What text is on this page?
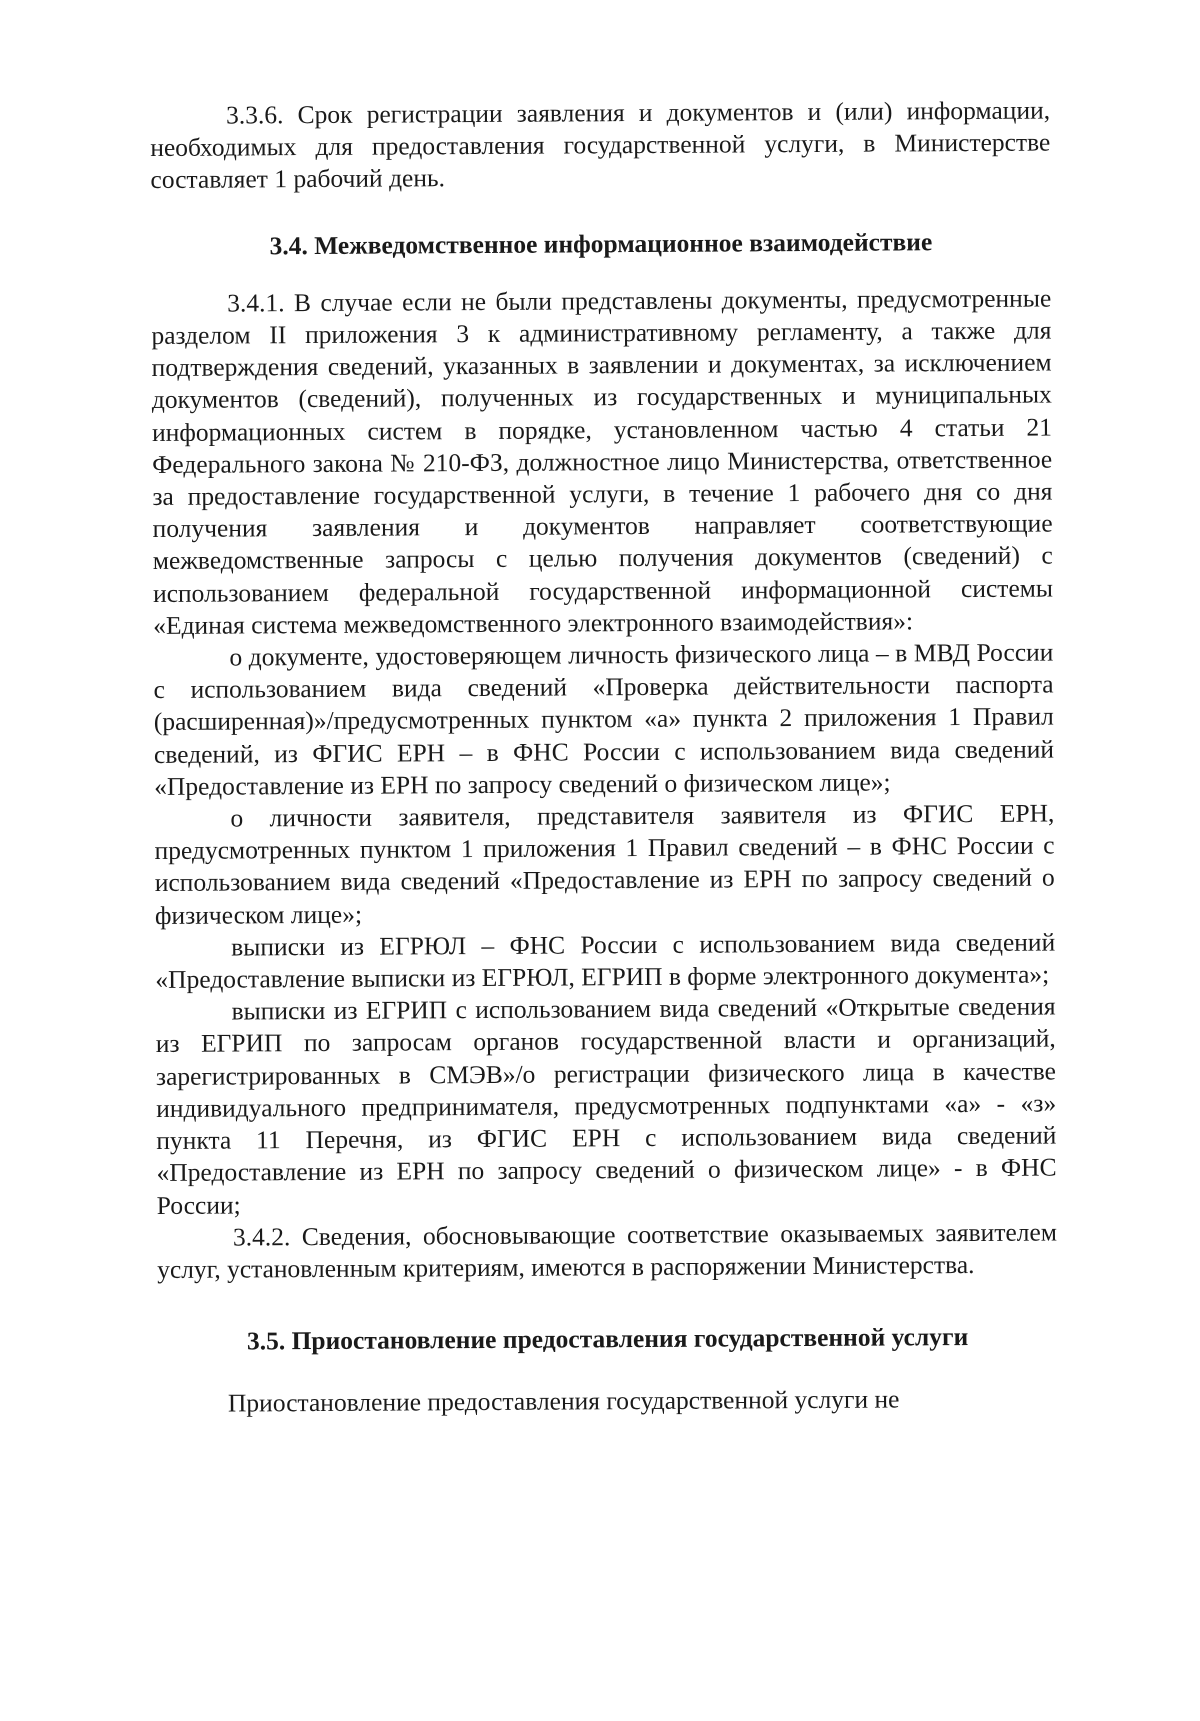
3.3.6. Срок регистрации заявления и документов и (или) информации, необходимых для предоставления государственной услуги, в Министерстве составляет 1 рабочий день.

3.4. Межведомственное информационное взаимодействие

3.4.1. В случае если не были представлены документы, предусмотренные разделом II приложения 3 к административному регламенту, а также для подтверждения сведений, указанных в заявлении и документах, за исключением документов (сведений), полученных из государственных и муниципальных информационных систем в порядке, установленном частью 4 статьи 21 Федерального закона № 210-ФЗ, должностное лицо Министерства, ответственное за предоставление государственной услуги, в течение 1 рабочего дня со дня получения заявления и документов направляет соответствующие межведомственные запросы с целью получения документов (сведений) с использованием федеральной государственной информационной системы «Единая система межведомственного электронного взаимодействия»:

о документе, удостоверяющем личность физического лица – в МВД России с использованием вида сведений «Проверка действительности паспорта (расширенная)»/предусмотренных пунктом «а» пункта 2 приложения 1 Правил сведений, из ФГИС ЕРН – в ФНС России с использованием вида сведений «Предоставление из ЕРН по запросу сведений о физическом лице»;

о личности заявителя, представителя заявителя из ФГИС ЕРН, предусмотренных пунктом 1 приложения 1 Правил сведений – в ФНС России с использованием вида сведений «Предоставление из ЕРН по запросу сведений о физическом лице»;

выписки из ЕГРЮЛ – ФНС России с использованием вида сведений «Предоставление выписки из ЕГРЮЛ, ЕГРИП в форме электронного документа»;

выписки из ЕГРИП с использованием вида сведений «Открытые сведения из ЕГРИП по запросам органов государственной власти и организаций, зарегистрированных в СМЭВ»/о регистрации физического лица в качестве индивидуального предпринимателя, предусмотренных подпунктами «а» - «з» пункта 11 Перечня, из ФГИС ЕРН с использованием вида сведений «Предоставление из ЕРН по запросу сведений о физическом лице» - в ФНС России;

3.4.2. Сведения, обосновывающие соответствие оказываемых заявителем услуг, установленным критериям, имеются в распоряжении Министерства.

3.5. Приостановление предоставления государственной услуги

Приостановление предоставления государственной услуги не
